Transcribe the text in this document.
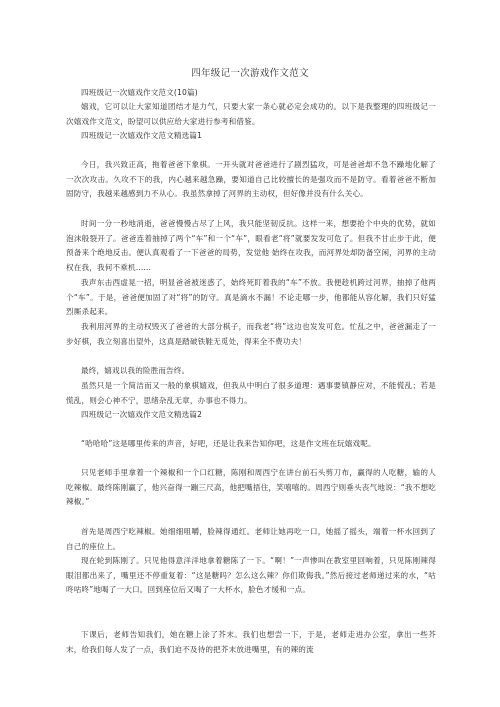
四年级记一次游戏作文范文

四班级记一次嬉戏作文范文(10篇)

嬉戏，它可以让大家知道团结才是力气，只要大家一条心就必定会成功的。以下是我整理的四班级记一次嬉戏作文范文，盼望可以供应给大家进行参考和借鉴。

四班级记一次嬉戏作文范文精选篇1

今日，我兴致正高，拖着爸爸下象棋。一开头就对爸爸进行了剧烈猛攻，可是爸爸却不急不躁地化解了一次次攻击。久攻不下的我，内心越来越急躁，要知道自己比较擅长的是强攻而不是防守。看着爸爸不断加固防守，我越来越感到力不从心。我虽然拿掉了河界的主动权，但好像并没有什么关心。

时间一分一秒地消逝，爸爸慢慢占尽了上风，我只能坚韧反抗。这样一来，想要抢个中央的优势，就如泡沫般裂开了。爸爸连着抽掉了两个“车”和一个“车”，眼看老“将”就要发发可危了。但我不甘止步于此，便预备来个绝地反击。便认真观看了一下爸爸的局势，发觉他 始终在攻我，而河界处却防备空闲，河界的主动权在我，我何不乘机……

我声东击西虚晃一招，明显爸爸被迷惑了，始终死盯着我的“车”不放。我便趁机跨过河界，抽掉了他两个“车”。于是，爸爸便加固了对“将”的防守。真是滴水不漏！不论走哪一步，他都能从容化解，我们只好猛烈厮杀起来。

我利用河界的主动权毁灭了爸爸的大部分棋子，而我老“将”这边也发发可危。忙乱之中，爸爸漏走了一步好棋，我立刻喜出望外，这真是踏破铁鞋无觅处，得来全不费功夫！

最终，嬉戏以我的险胜而告终。

虽然只是一个简洁而又一般的象棋嬉戏，但我从中明白了很多道理：遇事要镇静应对，不能慌乱；若是慌乱，则会心神不宁，思绪杂乱无章，办事也不得力。

四班级记一次嬉戏作文范文精选篇2

“哈哈哈”这是哪里传来的声音，好吧，还是让我来告知你吧，这是作文班在玩嬉戏呢。

只见老师手里拿着一个辣椒和一个口红糖，陈刚和周西宁在讲台前石头剪刀布，赢得的人吃糖，输的人吃辣椒。最终陈刚赢了，他兴奋得一蹦三尺高，他把嘴捂住，笑嘻嘻的。周西宁则垂头丧气地说：“我不想吃辣椒。”

首先是周西宁吃辣椒。她细细咀嚼，脸辣得通红。老师让她再吃一口，她摇了摇头，端着一杯水回到了自己的座位上。

现在轮到陈刚了。只见他得意洋洋地拿着糖陈了一下。“啊！”一声惨叫在教室里回响着，只见陈刚辣得眼泪都出来了，嘴里还不停重复着：“这是糖吗？怎么这么辣？你们欺侮我。”然后接过老师递过来的水，“咕咚咕咚”地喝了一大口。回到座位后又喝了一大杯水，脸色才缓和一点。

下课后，老师告知我们，她在糖上涂了芥末。我们也想尝一下，于是，老师走进办公室，拿出一些芥末，给我们每人发了一点，我们迫不及待的把芥末放进嘴里，有的辣的流
